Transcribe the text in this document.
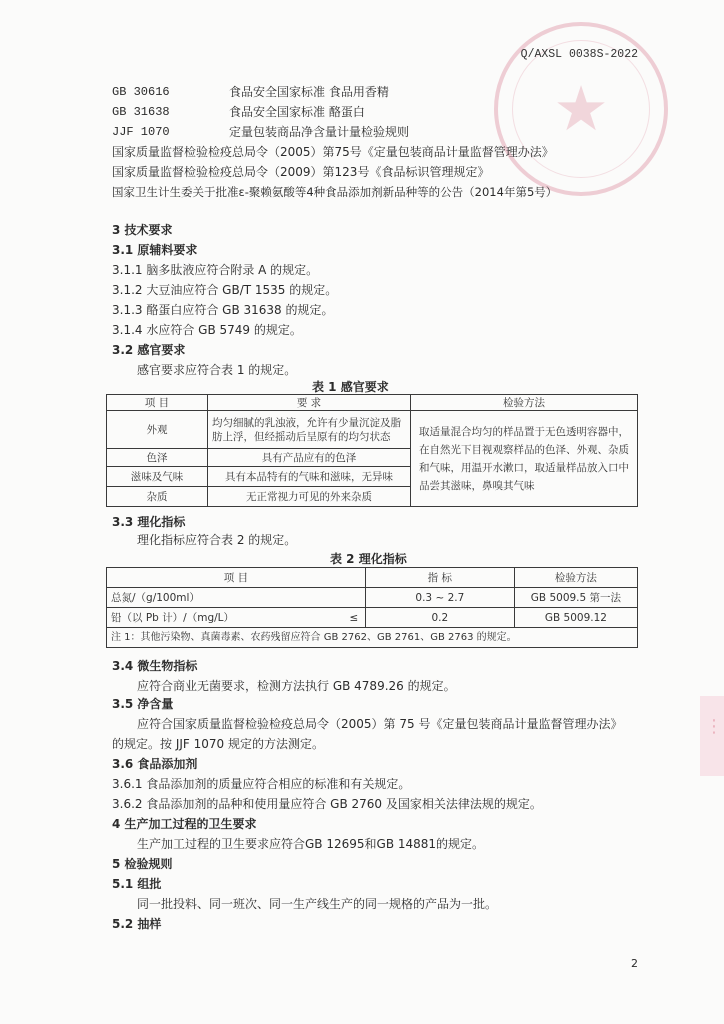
★
⋮
Q/AXSL 0038S-2022
GB 30616	食品安全国家标准 食品用香精
GB 31638	食品安全国家标准 酪蛋白
JJF 1070	定量包装商品净含量计量检验规则
国家质量监督检验检疫总局令（2005）第75号《定量包装商品计量监督管理办法》
国家质量监督检验检疫总局令（2009）第123号《食品标识管理规定》
国家卫生计生委关于批准ε-聚赖氨酸等4种食品添加剂新品种等的公告（2014年第5号）
3 技术要求
3.1 原辅料要求
3.1.1 脑多肽液应符合附录 A 的规定。
3.1.2 大豆油应符合 GB/T 1535 的规定。
3.1.3 酪蛋白应符合 GB 31638 的规定。
3.1.4 水应符合 GB 5749 的规定。
3.2 感官要求
感官要求应符合表 1 的规定。
表 1 感官要求
项 目	要 求	检验方法
外观	均匀细腻的乳浊液，允许有少量沉淀及脂肪上浮，但经摇动后呈原有的均匀状态	取适量混合均匀的样品置于无色透明容器中，在自然光下目视观察样品的色泽、外观、杂质和气味，用温开水漱口，取适量样品放入口中品尝其滋味，鼻嗅其气味
色泽	具有产品应有的色泽	
滋味及气味	具有本品特有的气味和滋味，无异味	
杂质	无正常视力可见的外来杂质	
3.3 理化指标
理化指标应符合表 2 的规定。
表 2 理化指标
项 目		指 标	检验方法
总氮/（g/100ml）		0.3 ~ 2.7	GB 5009.5 第一法
铅（以 Pb 计）/（mg/L）	≤	0.2	GB 5009.12
注 1：其他污染物、真菌毒素、农药残留应符合 GB 2762、GB 2761、GB 2763 的规定。			
3.4 微生物指标
应符合商业无菌要求，检测方法执行 GB 4789.26 的规定。
3.5 净含量
应符合国家质量监督检验检疫总局令（2005）第 75 号《定量包装商品计量监督管理办法》
的规定。按 JJF 1070 规定的方法测定。
3.6 食品添加剂
3.6.1 食品添加剂的质量应符合相应的标准和有关规定。
3.6.2 食品添加剂的品种和使用量应符合 GB 2760 及国家相关法律法规的规定。
4 生产加工过程的卫生要求
生产加工过程的卫生要求应符合GB 12695和GB 14881的规定。
5 检验规则
5.1 组批
同一批投料、同一班次、同一生产线生产的同一规格的产品为一批。
5.2 抽样
2
